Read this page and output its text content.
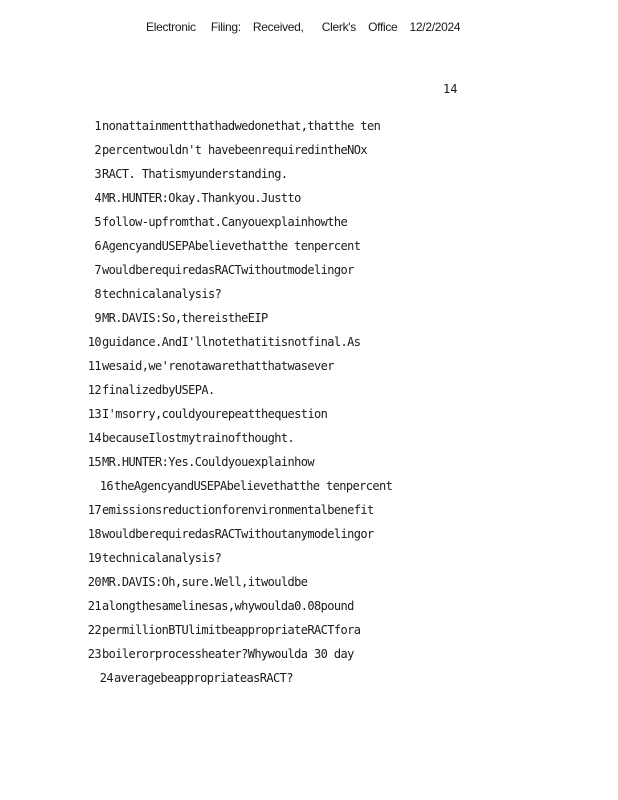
Electronic     Filing:    Received,      Clerk's    Office    12/2/2024
14
1 nonattainmentthathadwedonethat,thatthe ten
2 percentwouldn't havebeenrequiredintheNOx
3 RACT. Thatismyunderstanding.
4 MR.HUNTER:Okay.Thankyou.Justto
5 follow-upfromthat.Canyouexplainhowthe
6 AgencyandUSEPAbelievethatthe tenpercent
7 wouldberequiredasRACTwithoutmodelingor
8 technicalanalysis?
9 MR.DAVIS:So,thereistheEIP
10 guidance.AndI'llnotethatitisnotfinal.As
11 wesaid,we'renotawarethatthatwasever
12 finalizedbyUSEPA.
13 I'msorry,couldyourepeatthequestion
14 becauseIlostmytrainofthought.
15 MR.HUNTER:Yes.Couldyouexplainhow
16 theAgencyandUSEPAbelievethatthe tenpercent
17 emissionsreductionforenvironmentalbenefit
18 wouldberequiredasRACTwithoutanymodelingor
19 technicalanalysis?
20 MR.DAVIS:Oh,sure.Well,itwouldbe
21 alongthesamelinesas,whywoulda0.08pound
22 permillionBTUlimitbeappropriateRACTfora
23 boilerorprocessheater?Whywoulda 30 day
24 averagebeappropriateasRACT?
